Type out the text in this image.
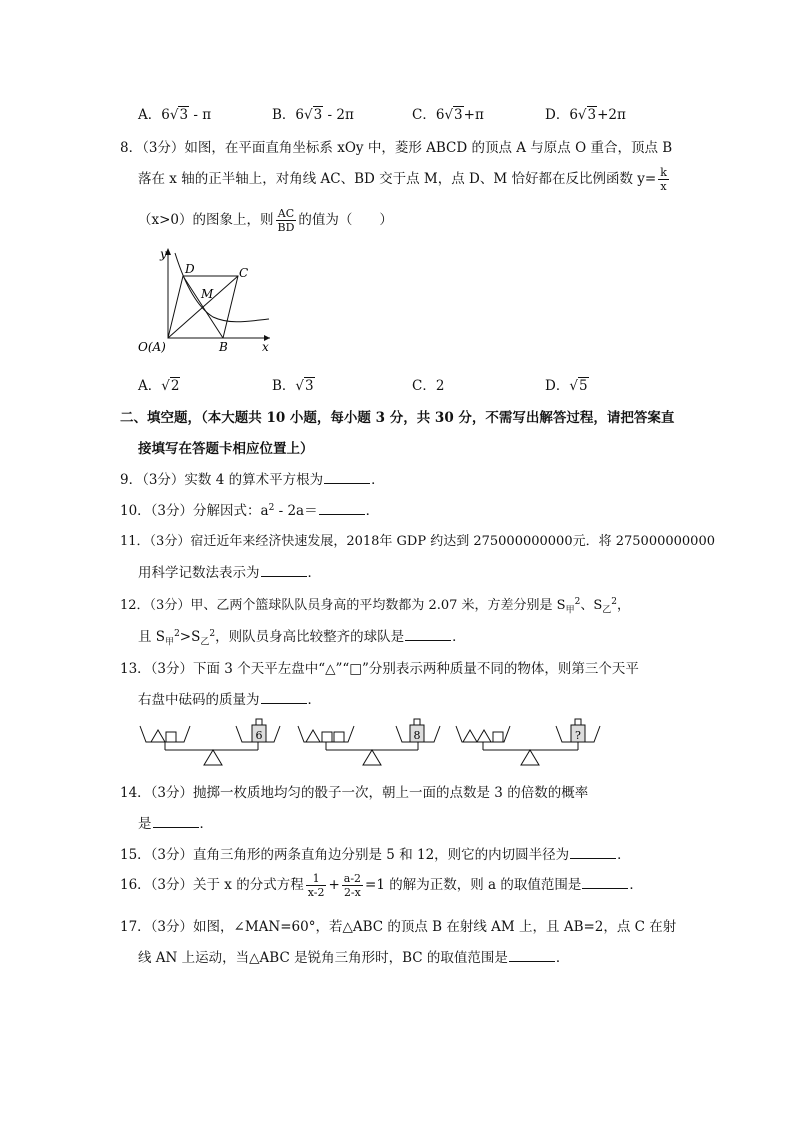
A．6√3 - π	B．6√3 - 2π	C．6√3+π	D．6√3+2π
8．（3分）如图，在平面直角坐标系 xOy 中，菱形 ABCD 的顶点 A 与原点 O 重合，顶点 B
落在 x 轴的正半轴上，对角线 AC、BD 交于点 M，点 D、M 恰好都在反比例函数 $y= \frac{k}{x}$
（x>0）的图象上，则 $\frac{AC}{BD}$ 的值为（　　）
y
x
D	C
M
O(A)	B
A．√2	B．√3	C．2	D．√5
二、填空题，（本大题共 10 小题，每小题 3 分，共 30 分，不需写出解答过程，请把答案直
接填写在答题卡相应位置上）
9．（3分）实数 4 的算术平方根为	．
10．（3分）分解因式：$a^2 - 2a=$	．
11．（3分）宿迁近年来经济快速发展，2018年 GDP 约达到 275000000000元．将 275000000000
用科学记数法表示为	．
12．（3分）甲、乙两个篮球队队员身高的平均数都为 2.07 米，方差分别是 $S_甲^2$、$S_乙^2$，
且 $S_甲^2>S_乙^2$，则队员身高比较整齐的球队是	．
13．（3分）下面 3 个天平左盘中“△”“□”分别表示两种质量不同的物体，则第三个天平
右盘中砝码的质量为	．
6	8	?
14．（3分）抛掷一枚质地均匀的骰子一次，朝上一面的点数是 3 的倍数的概率
是	．
15．（3分）直角三角形的两条直角边分别是 5 和 12，则它的内切圆半径为	．
16．（3分）关于 x 的分式方程 $\frac{1}{x-2} + \frac{a-2}{2-x} =1$ 的解为正数，则 a 的取值范围是	．
17．（3分）如图，∠MAN=60°，若△ABC 的顶点 B 在射线 AM 上，且 AB=2，点 C 在射
线 AN 上运动，当△ABC 是锐角三角形时，BC 的取值范围是	．
